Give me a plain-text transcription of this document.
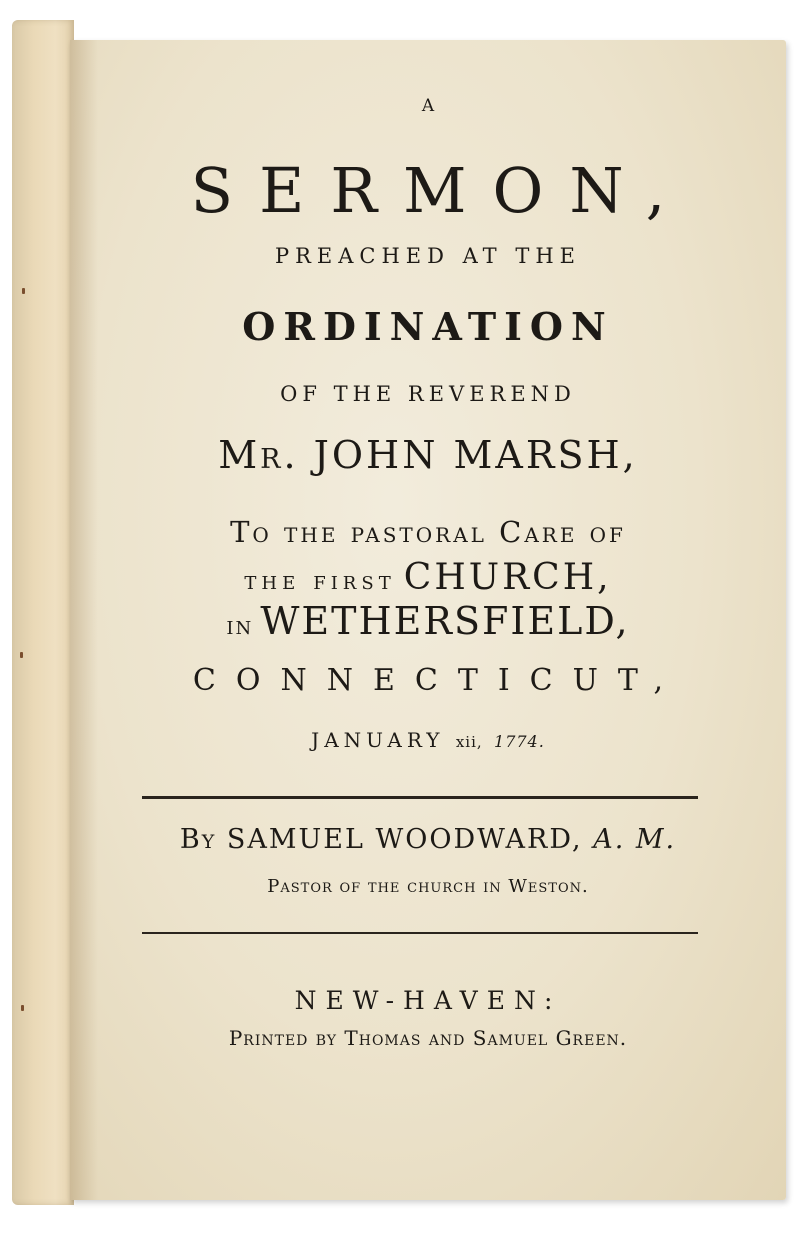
A
SERMON,
PREACHED AT THE
ORDINATION
OF THE REVEREND
Mr. JOHN MARSH,
To the pastoral Care of
the first CHURCH,
in WETHERSFIELD,
CONNECTICUT,
JANUARY xii, 1774.
By SAMUEL WOODWARD, A. M.
Pastor of the church in Weston.
NEW-HAVEN:
Printed by Thomas and Samuel Green.
